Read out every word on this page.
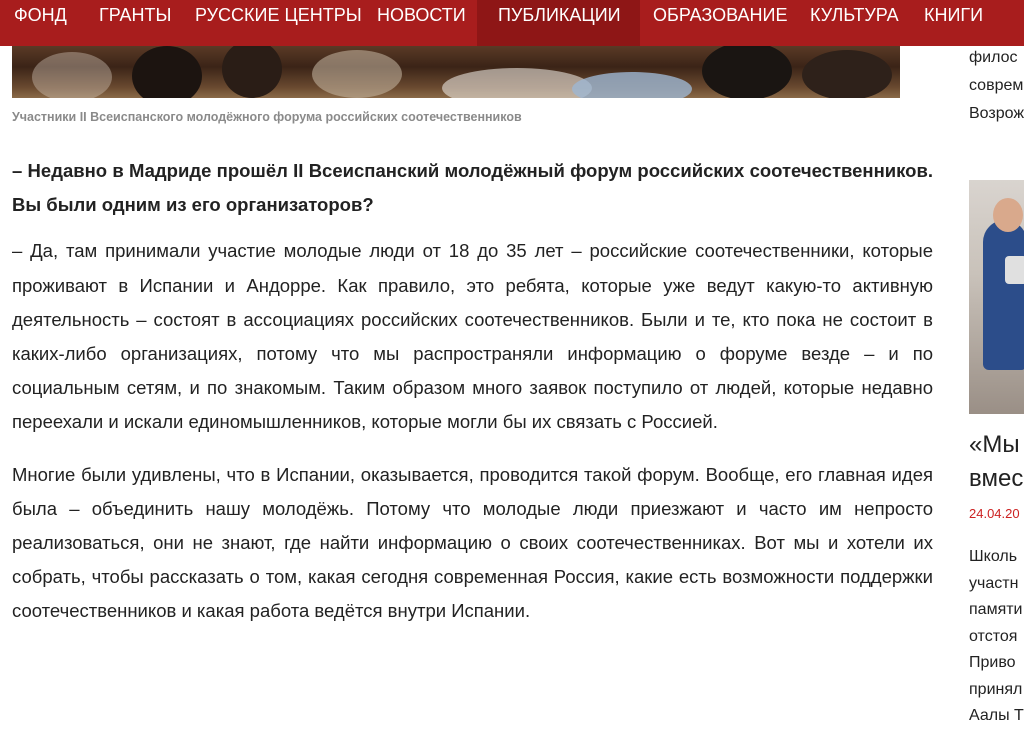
ФОНД ГРАНТЫ РУССКИЕ ЦЕНТРЫ НОВОСТИ	ПУБЛИКАЦИИ	ОБРАЗОВАНИЕ КУЛЬТУРА КНИГИ
Участники II Всеиспанского молодёжного форума российских соотечественников

– Недавно в Мадриде прошёл II Всеиспанский молодёжный форум российских соотечественников. Вы были одним из его организаторов?

– Да, там принимали участие молодые люди от 18 до 35 лет – российские соотечественники, которые проживают в Испании и Андорре. Как правило, это ребята, которые уже ведут какую-то активную деятельность – состоят в ассоциациях российских соотечественников. Были и те, кто пока не состоит в каких-либо организациях, потому что мы распространяли информацию о форуме везде – и по социальным сетям, и по знакомым. Таким образом много заявок поступило от людей, которые недавно переехали и искали единомышленников, которые могли бы их связать с Россией.

Многие были удивлены, что в Испании, оказывается, проводится такой форум. Вообще, его главная идея была – объединить нашу молодёжь. Потому что молодые люди приезжают и часто им непросто реализоваться, они не знают, где найти информацию о своих соотечественниках. Вот мы и хотели их собрать, чтобы рассказать о том, какая сегодня современная Россия, какие есть возможности поддержки соотечественников и какая работа ведётся внутри Испании.

филос
соврем
Возрож
«Мы
вмес
24.04.20
Школь
участн
памяти
отстоя
Приво
принял
Аалы Т
